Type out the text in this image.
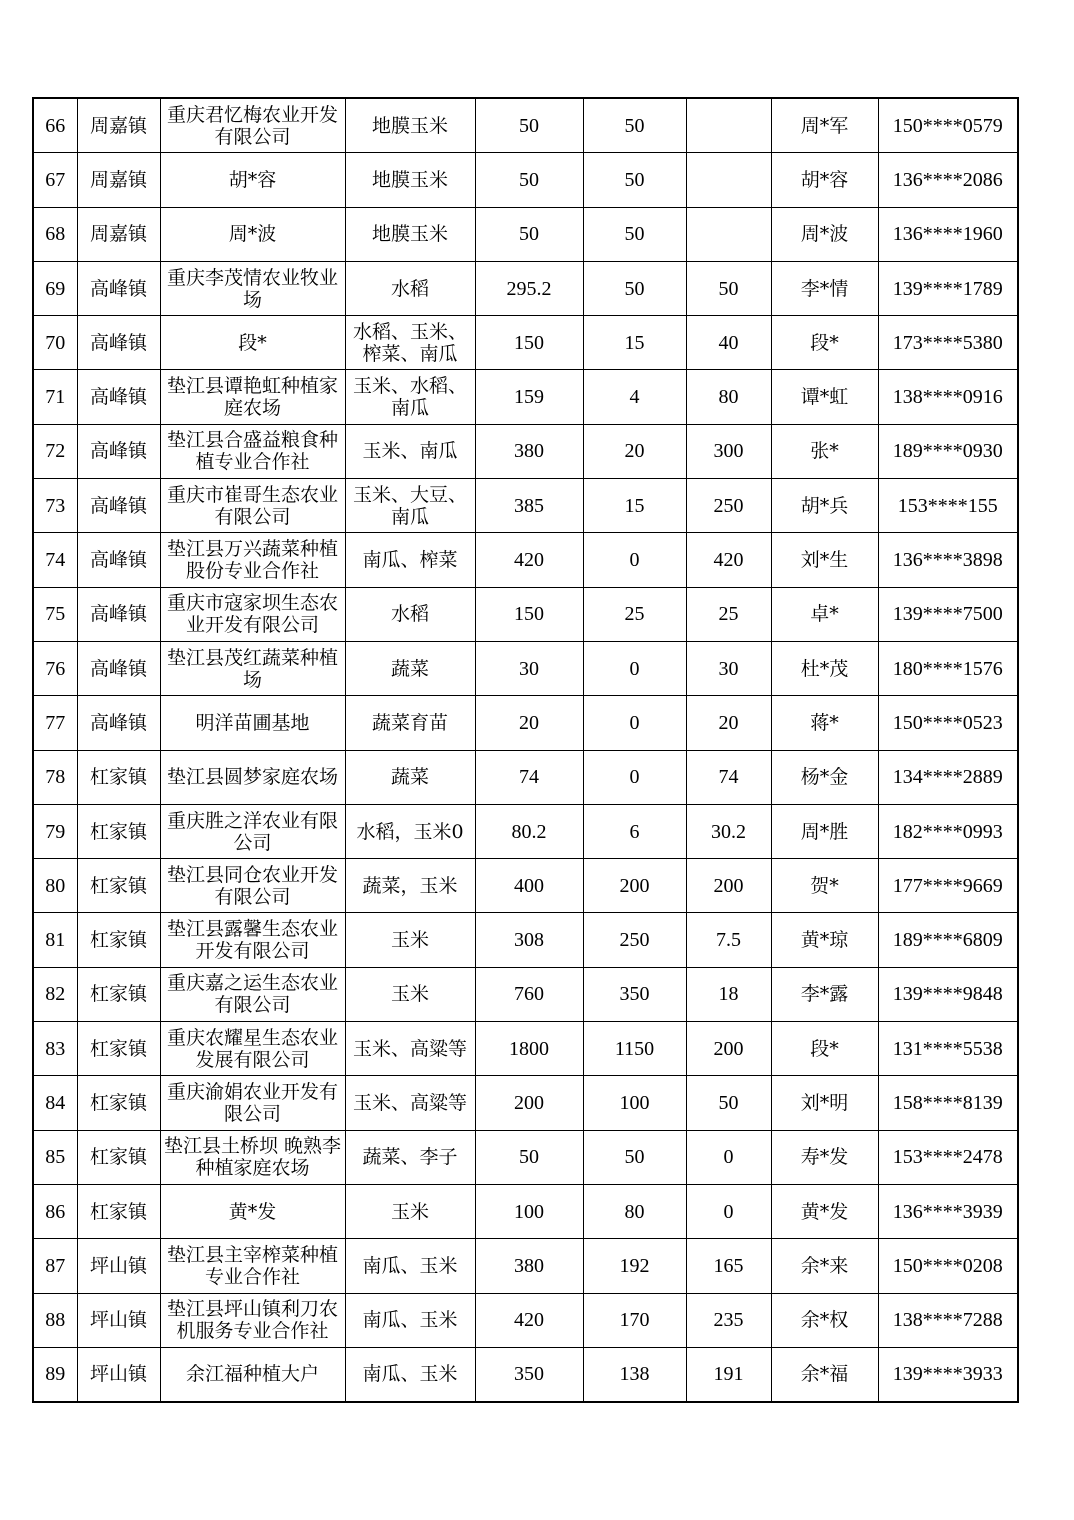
66	周嘉镇	重庆君忆梅农业开发有限公司	地膜玉米	50	50		周*军	150****0579
67	周嘉镇	胡*容	地膜玉米	50	50		胡*容	136****2086
68	周嘉镇	周*波	地膜玉米	50	50		周*波	136****1960
69	高峰镇	重庆李茂情农业牧业场	水稻	295.2	50	50	李*情	139****1789
70	高峰镇	段*	水稻、玉米、榨菜、南瓜	150	15	40	段*	173****5380
71	高峰镇	垫江县谭艳虹种植家庭农场	玉米、水稻、南瓜	159	4	80	谭*虹	138****0916
72	高峰镇	垫江县合盛益粮食种植专业合作社	玉米、南瓜	380	20	300	张*	189****0930
73	高峰镇	重庆市崔哥生态农业有限公司	玉米、大豆、南瓜	385	15	250	胡*兵	153****155
74	高峰镇	垫江县万兴蔬菜种植股份专业合作社	南瓜、榨菜	420	0	420	刘*生	136****3898
75	高峰镇	重庆市寇家坝生态农业开发有限公司	水稻	150	25	25	卓*	139****7500
76	高峰镇	垫江县茂红蔬菜种植场	蔬菜	30	0	30	杜*茂	180****1576
77	高峰镇	明洋苗圃基地	蔬菜育苗	20	0	20	蒋*	150****0523
78	杠家镇	垫江县圆梦家庭农场	蔬菜	74	0	74	杨*金	134****2889
79	杠家镇	重庆胜之洋农业有限公司	水稻，玉米0	80.2	6	30.2	周*胜	182****0993
80	杠家镇	垫江县同仓农业开发有限公司	蔬菜，玉米	400	200	200	贺*	177****9669
81	杠家镇	垫江县露馨生态农业开发有限公司	玉米	308	250	7.5	黄*琼	189****6809
82	杠家镇	重庆嘉之运生态农业有限公司	玉米	760	350	18	李*露	139****9848
83	杠家镇	重庆农耀星生态农业发展有限公司	玉米、高粱等	1800	1150	200	段*	131****5538
84	杠家镇	重庆渝娟农业开发有限公司	玉米、高粱等	200	100	50	刘*明	158****8139
85	杠家镇	垫江县土桥坝 晚熟李种植家庭农场	蔬菜、李子	50	50	0	寿*发	153****2478
86	杠家镇	黄*发	玉米	100	80	0	黄*发	136****3939
87	坪山镇	垫江县主宰榨菜种植专业合作社	南瓜、玉米	380	192	165	余*来	150****0208
88	坪山镇	垫江县坪山镇利刀农机服务专业合作社	南瓜、玉米	420	170	235	余*权	138****7288
89	坪山镇	余江福种植大户	南瓜、玉米	350	138	191	余*福	139****3933
